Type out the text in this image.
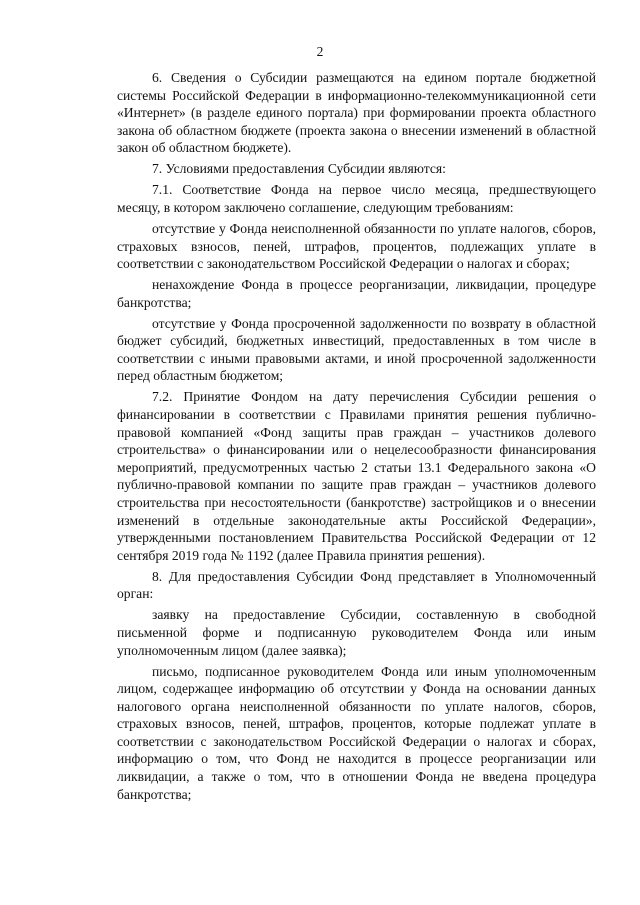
2

6. Сведения о Субсидии размещаются на едином портале бюджетной системы Российской Федерации в информационно-телекоммуникационной сети «Интернет» (в разделе единого портала) при формировании проекта областного закона об областном бюджете (проекта закона о внесении изменений в областной закон об областном бюджете).

7. Условиями предоставления Субсидии являются:

7.1. Соответствие Фонда на первое число месяца, предшествующего месяцу, в котором заключено соглашение, следующим требованиям:

отсутствие у Фонда неисполненной обязанности по уплате налогов, сборов, страховых взносов, пеней, штрафов, процентов, подлежащих уплате в соответствии с законодательством Российской Федерации о налогах и сборах;

ненахождение Фонда в процессе реорганизации, ликвидации, процедуре банкротства;

отсутствие у Фонда просроченной задолженности по возврату в областной бюджет субсидий, бюджетных инвестиций, предоставленных в том числе в соответствии с иными правовыми актами, и иной просроченной задолженности перед областным бюджетом;

7.2. Принятие Фондом на дату перечисления Субсидии решения о финансировании в соответствии с Правилами принятия решения публично-правовой компанией «Фонд защиты прав граждан – участников долевого строительства» о финансировании или о нецелесообразности финансирования мероприятий, предусмотренных частью 2 статьи 13.1 Федерального закона «О публично-правовой компании по защите прав граждан – участников долевого строительства при несостоятельности (банкротстве) застройщиков и о внесении изменений в отдельные законодательные акты Российской Федерации», утвержденными постановлением Правительства Российской Федерации от 12 сентября 2019 года № 1192 (далее Правила принятия решения).

8. Для предоставления Субсидии Фонд представляет в Уполномоченный орган:

заявку на предоставление Субсидии, составленную в свободной письменной форме и подписанную руководителем Фонда или иным уполномоченным лицом (далее заявка);

письмо, подписанное руководителем Фонда или иным уполномоченным лицом, содержащее информацию об отсутствии у Фонда на основании данных налогового органа неисполненной обязанности по уплате налогов, сборов, страховых взносов, пеней, штрафов, процентов, которые подлежат уплате в соответствии с законодательством Российской Федерации о налогах и сборах, информацию о том, что Фонд не находится в процессе реорганизации или ликвидации, а также о том, что в отношении Фонда не введена процедура банкротства;
